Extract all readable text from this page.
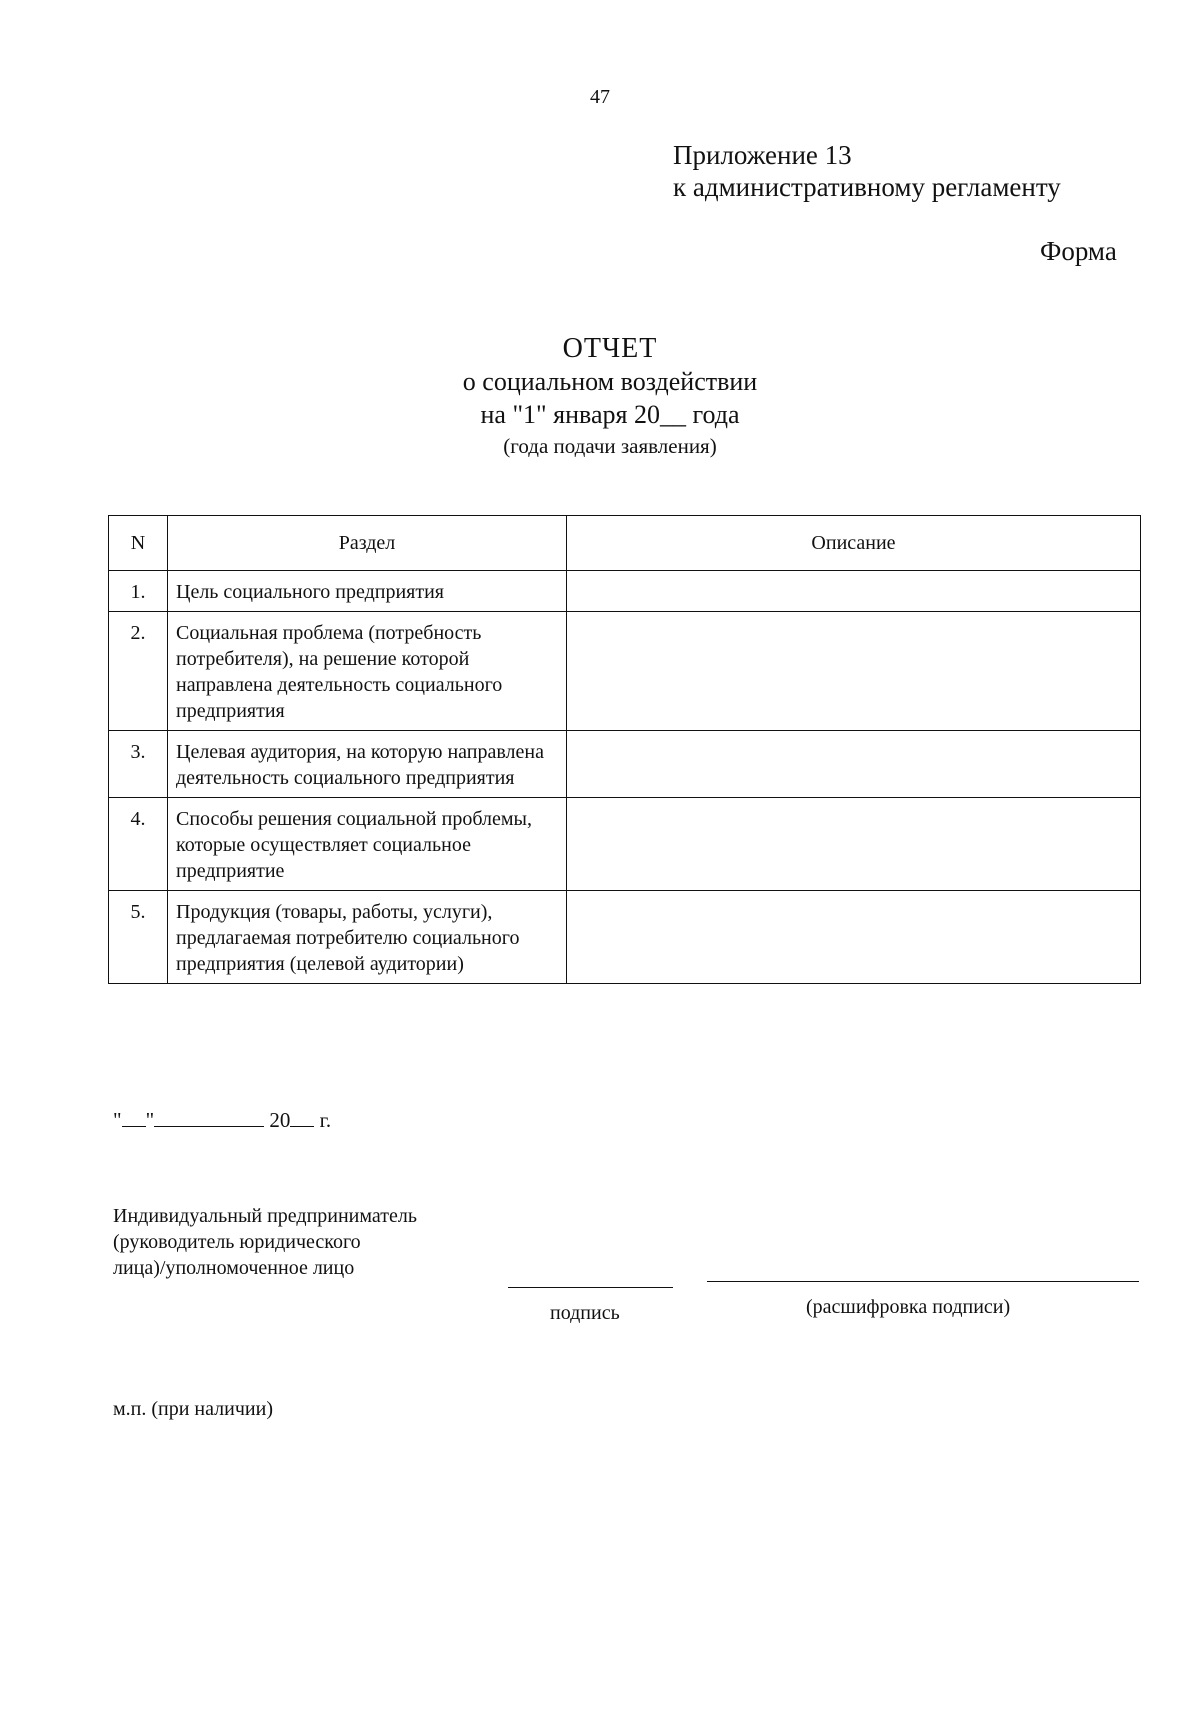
47
Приложение 13
к административному регламенту
Форма
ОТЧЕТ
о социальном воздействии
на "1" января 20__ года
(года подачи заявления)
N	Раздел	Описание
1.	Цель социального предприятия	
2.	Социальная проблема (потребность потребителя), на решение которой направлена деятельность социального предприятия	
3.	Целевая аудитория, на которую направлена деятельность социального предприятия	
4.	Способы решения социальной проблемы, которые осуществляет социальное предприятие	
5.	Продукция (товары, работы, услуги), предлагаемая потребителю социального предприятия (целевой аудитории)	
" "	20 г.
Индивидуальный предприниматель
(руководитель юридического
лица)/уполномоченное лицо
подпись	(расшифровка подписи)
м.п. (при наличии)
